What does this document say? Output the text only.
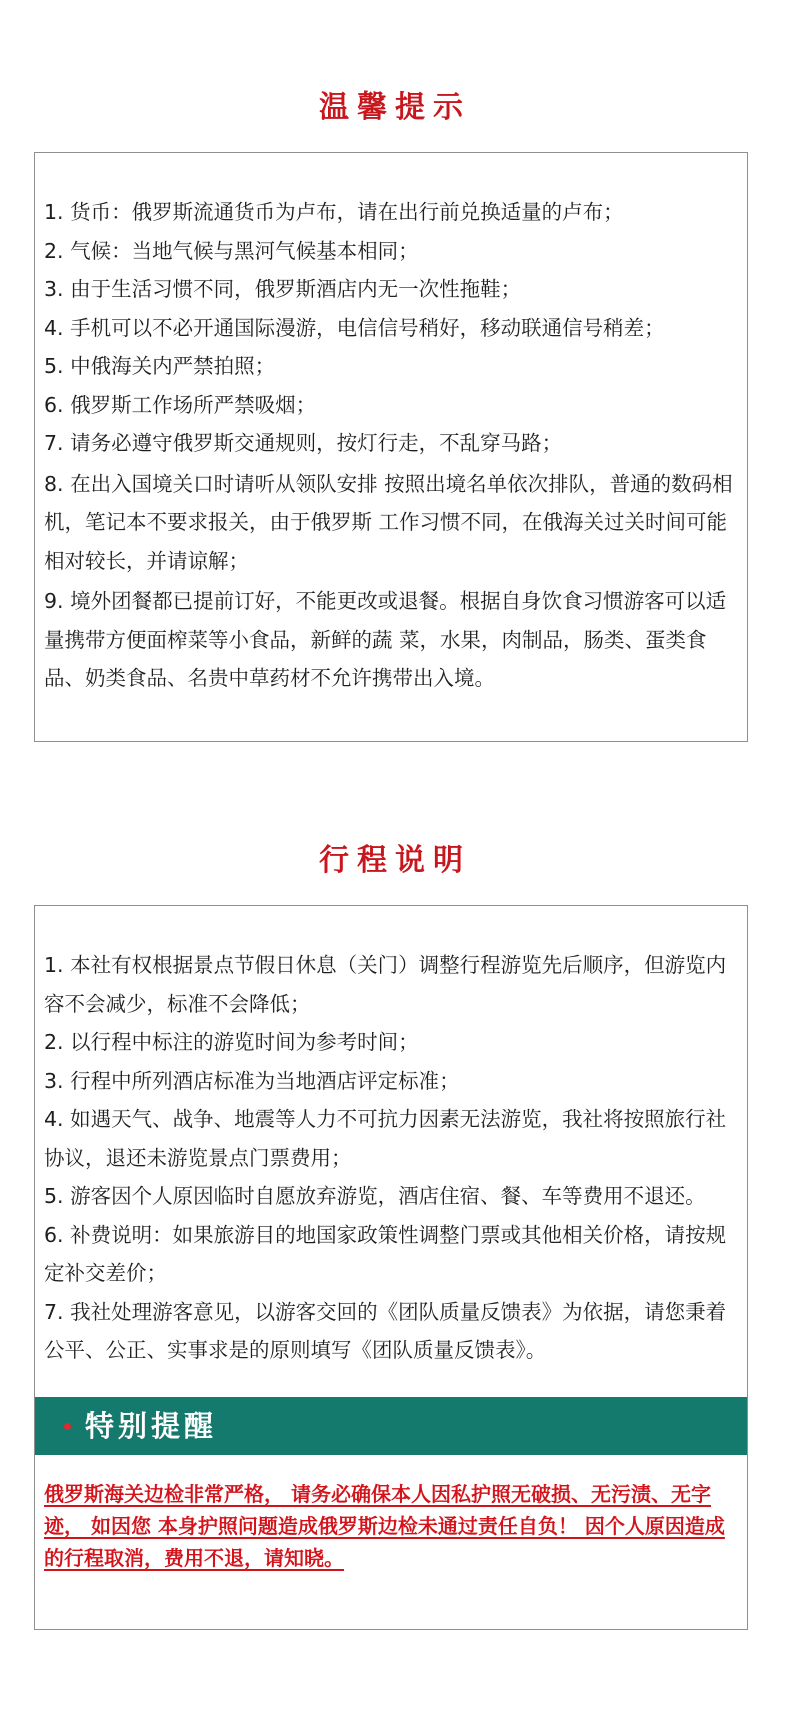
温馨提示
1. 货币：俄罗斯流通货币为卢布，请在出行前兑换适量的卢布；
2. 气候：当地气候与黑河气候基本相同；
3. 由于生活习惯不同，俄罗斯酒店内无一次性拖鞋；
4. 手机可以不必开通国际漫游，电信信号稍好，移动联通信号稍差；
5. 中俄海关内严禁拍照；
6. 俄罗斯工作场所严禁吸烟；
7. 请务必遵守俄罗斯交通规则，按灯行走，不乱穿马路；
8. 在出入国境关口时请听从领队安排 按照出境名单依次排队，普通的数码相机，笔记本不要求报关，由于俄罗斯 工作习惯不同，在俄海关过关时间可能相对较长，并请谅解；
9. 境外团餐都已提前订好，不能更改或退餐。根据自身饮食习惯游客可以适量携带方便面榨菜等小食品，新鲜的蔬 菜，水果，肉制品，肠类、蛋类食品、奶类食品、名贵中草药材不允许携带出入境。
行程说明
1. 本社有权根据景点节假日休息（关门）调整行程游览先后顺序，但游览内容不会减少，标准不会降低；
2. 以行程中标注的游览时间为参考时间；
3. 行程中所列酒店标准为当地酒店评定标准；
4. 如遇天气、战争、地震等人力不可抗力因素无法游览，我社将按照旅行社协议，退还未游览景点门票费用；
5. 游客因个人原因临时自愿放弃游览，酒店住宿、餐、车等费用不退还。
6. 补费说明：如果旅游目的地国家政策性调整门票或其他相关价格，请按规定补交差价；
7. 我社处理游客意见，以游客交回的《团队质量反馈表》为依据，请您秉着公平、公正、实事求是的原则填写《团队质量反馈表》。
特别提醒
俄罗斯海关边检非常严格， 请务必确保本人因私护照无破损、无污渍、无字迹， 如因您 本身护照问题造成俄罗斯边检未通过责任自负！ 因个人原因造成的行程取消，费用不退，请知晓。
